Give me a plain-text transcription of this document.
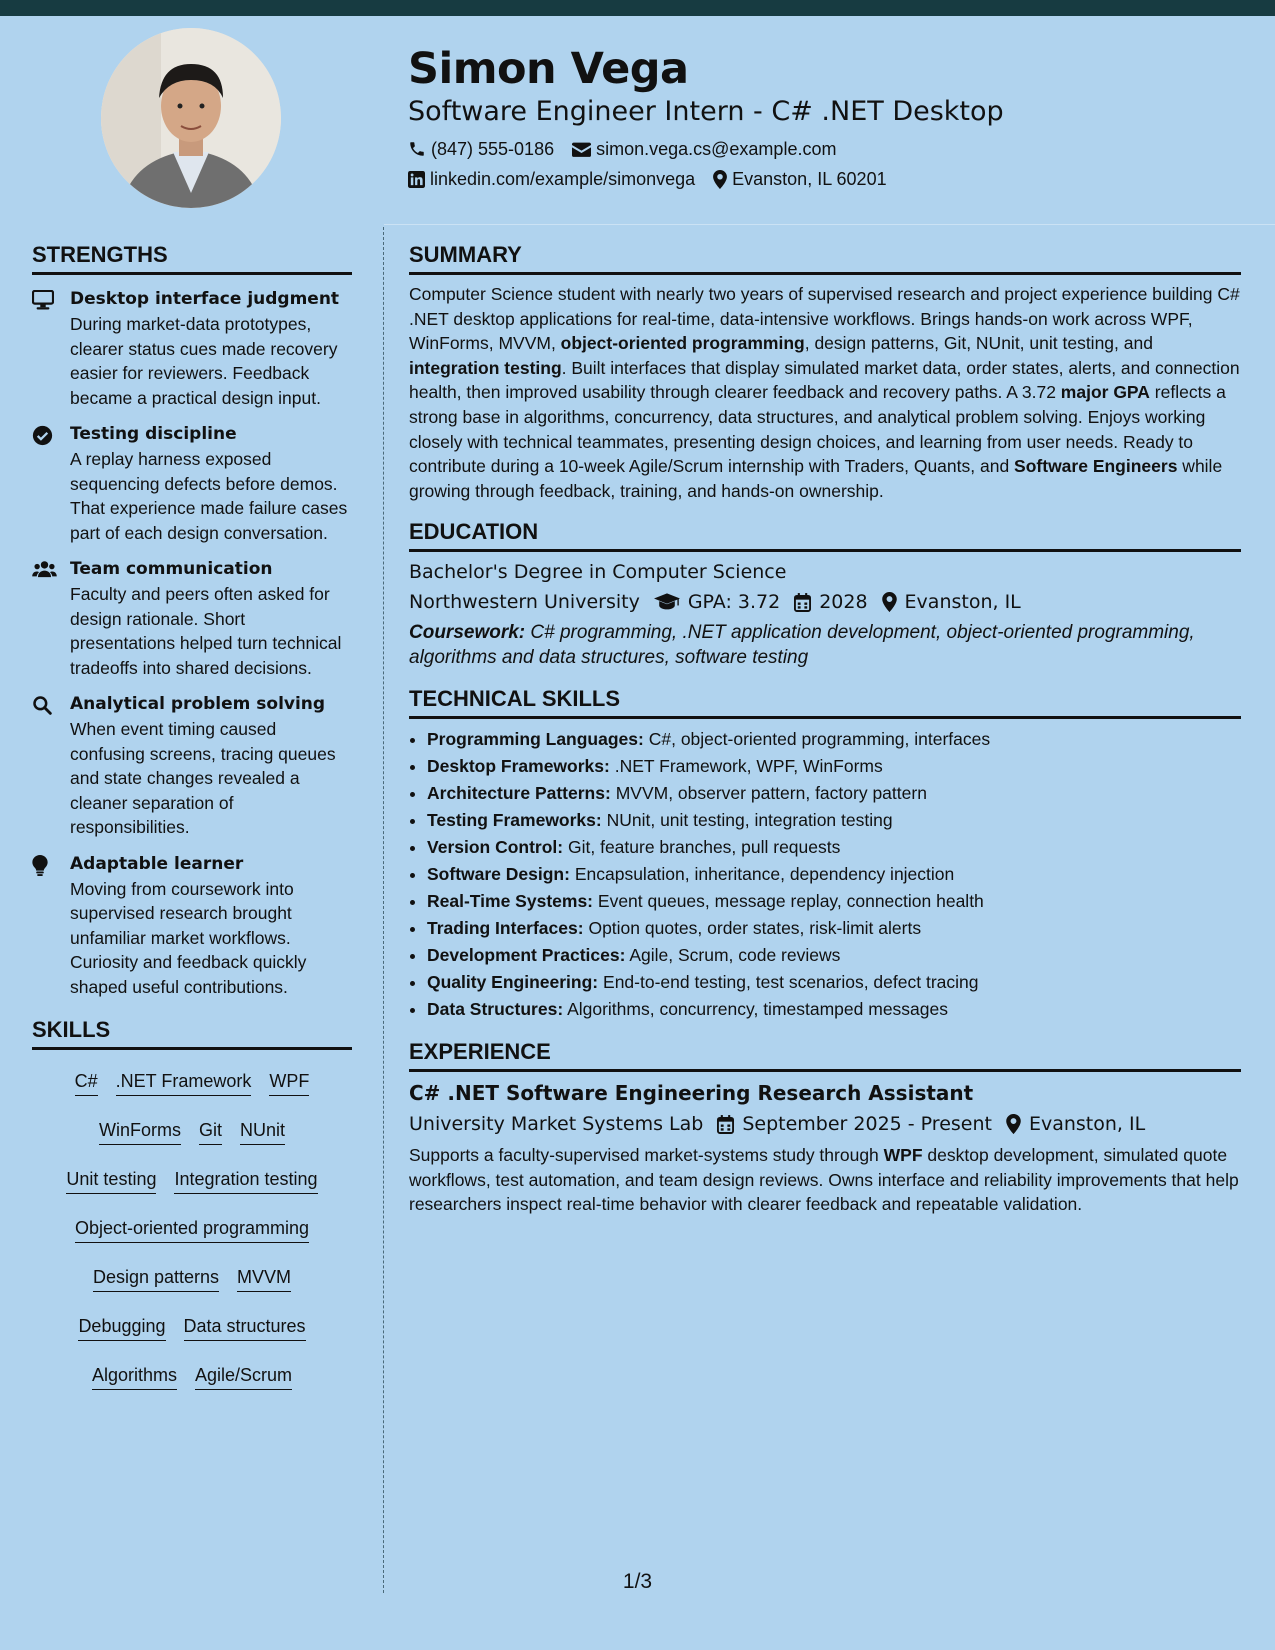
Simon Vega
Software Engineer Intern - C# .NET Desktop
(847) 555-0186 simon.vega.cs@example.com
linkedin.com/example/simonvega Evanston, IL 60201
STRENGTHS
Desktop interface judgment
During market-data prototypes, clearer status cues made recovery easier for reviewers. Feedback became a practical design input.
Testing discipline
A replay harness exposed sequencing defects before demos. That experience made failure cases part of each design conversation.
Team communication
Faculty and peers often asked for design rationale. Short presentations helped turn technical tradeoffs into shared decisions.
Analytical problem solving
When event timing caused confusing screens, tracing queues and state changes revealed a cleaner separation of responsibilities.
Adaptable learner
Moving from coursework into supervised research brought unfamiliar market workflows. Curiosity and feedback quickly shaped useful contributions.
SKILLS
C# .NET Framework WPF
WinForms Git NUnit
Unit testing Integration testing
Object-oriented programming
Design patterns MVVM
Debugging Data structures
Algorithms Agile/Scrum
SUMMARY

Computer Science student with nearly two years of supervised research and project experience building C# .NET desktop applications for real-time, data-intensive workflows. Brings hands-on work across WPF, WinForms, MVVM, object-oriented programming, design patterns, Git, NUnit, unit testing, and integration testing. Built interfaces that display simulated market data, order states, alerts, and connection health, then improved usability through clearer feedback and recovery paths. A 3.72 major GPA reflects a strong base in algorithms, concurrency, data structures, and analytical problem solving. Enjoys working closely with technical teammates, presenting design choices, and learning from user needs. Ready to contribute during a 10-week Agile/Scrum internship with Traders, Quants, and Software Engineers while growing through feedback, training, and hands-on ownership.

EDUCATION
Bachelor's Degree in Computer Science
Northwestern University	GPA: 3.72 2028 Evanston, IL
Coursework: C# programming, .NET application development, object-oriented programming, algorithms and data structures, software testing
TECHNICAL SKILLS
• Programming Languages: C#, object-oriented programming, interfaces
• Desktop Frameworks: .NET Framework, WPF, WinForms
• Architecture Patterns: MVVM, observer pattern, factory pattern
• Testing Frameworks: NUnit, unit testing, integration testing
• Version Control: Git, feature branches, pull requests
• Software Design: Encapsulation, inheritance, dependency injection
• Real-Time Systems: Event queues, message replay, connection health
• Trading Interfaces: Option quotes, order states, risk-limit alerts
• Development Practices: Agile, Scrum, code reviews
• Quality Engineering: End-to-end testing, test scenarios, defect tracing
• Data Structures: Algorithms, concurrency, timestamped messages
EXPERIENCE
C# .NET Software Engineering Research Assistant
University Market Systems Lab September 2025 - Present Evanston, IL
Supports a faculty-supervised market-systems study through WPF desktop development, simulated quote workflows, test automation, and team design reviews. Owns interface and reliability improvements that help researchers inspect real-time behavior with clearer feedback and repeatable validation.
1/3
